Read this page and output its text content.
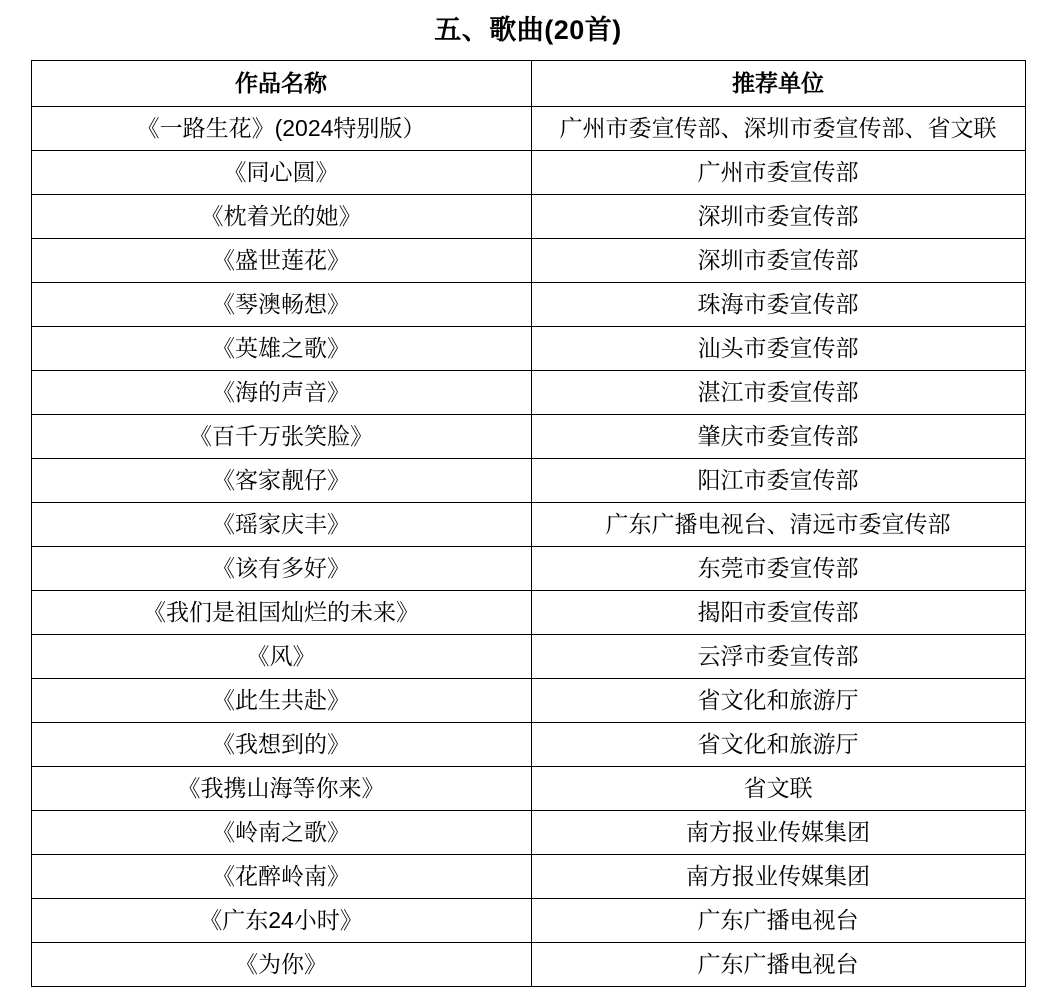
五、歌曲(20首)
作品名称	推荐单位
《一路生花》(2024特别版）	广州市委宣传部、深圳市委宣传部、省文联
《同心圆》	广州市委宣传部
《枕着光的她》	深圳市委宣传部
《盛世莲花》	深圳市委宣传部
《琴澳畅想》	珠海市委宣传部
《英雄之歌》	汕头市委宣传部
《海的声音》	湛江市委宣传部
《百千万张笑脸》	肇庆市委宣传部
《客家靓仔》	阳江市委宣传部
《瑶家庆丰》	广东广播电视台、清远市委宣传部
《该有多好》	东莞市委宣传部
《我们是祖国灿烂的未来》	揭阳市委宣传部
《风》	云浮市委宣传部
《此生共赴》	省文化和旅游厅
《我想到的》	省文化和旅游厅
《我携山海等你来》	省文联
《岭南之歌》	南方报业传媒集团
《花醉岭南》	南方报业传媒集团
《广东24小时》	广东广播电视台
《为你》	广东广播电视台
